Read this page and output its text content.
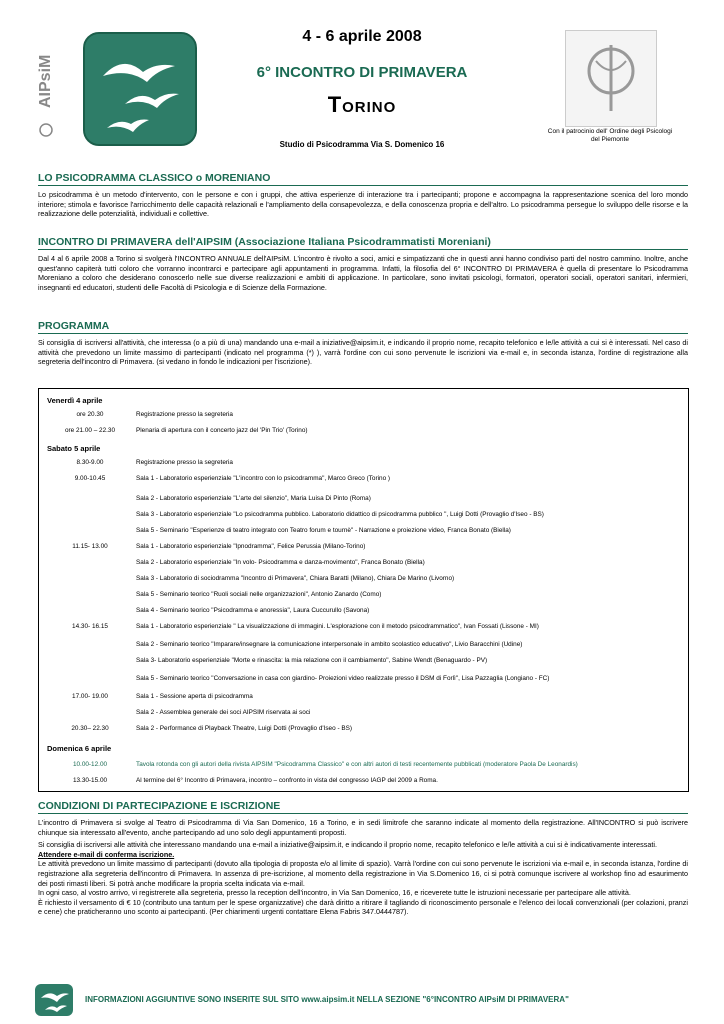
AIPsiM
4 - 6 aprile 2008
6° INCONTRO DI PRIMAVERA
Torino
Studio di Psicodramma Via S. Domenico 16
Con il patrocinio dell' Ordine degli Psicologi del Piemonte
LO PSICODRAMMA CLASSICO o MORENIANO

Lo psicodramma è un metodo d'intervento, con le persone e con i gruppi, che attiva esperienze di interazione tra i partecipanti; propone e accompagna la rappresentazione scenica del loro mondo interiore; stimola e favorisce l'arricchimento delle capacità relazionali e l'ampliamento della consapevolezza, e della conoscenza propria e dell'altro. Lo psicodramma persegue lo sviluppo delle risorse e la realizzazione delle potenzialità, individuali e collettive.

INCONTRO DI PRIMAVERA dell'AIPSIM (Associazione Italiana Psicodrammatisti Moreniani)

Dal 4 al 6 aprile 2008 a Torino si svolgerà l'INCONTRO ANNUALE dell'AIPsiM. L'incontro è rivolto a soci, amici e simpatizzanti che in questi anni hanno condiviso parti del nostro cammino. Inoltre, anche quest'anno capiterà tutti coloro che vorranno incontrarci e partecipare agli appuntamenti in programma. Infatti, la filosofia del 6° INCONTRO DI PRIMAVERA è quella di presentare lo Psicodramma Moreniano a coloro che desiderano conoscerlo nelle sue diverse realizzazioni e ambiti di applicazione. In particolare, sono invitati psicologi, formatori, operatori sociali, operatori sanitari, infermieri, insegnanti ed educatori, studenti delle Facoltà di Psicologia e di Scienze della Formazione.

PROGRAMMA

Si consiglia di iscriversi all'attività, che interessa (o a più di una) mandando una e-mail a iniziative@aipsim.it, e indicando il proprio nome, recapito telefonico e le/le attività a cui si è interessati. Nel caso di attività che prevedono un limite massimo di partecipanti (indicato nel programma (*) ), varrà l'ordine con cui sono pervenute le iscrizioni via e-mail e, in seconda istanza, l'ordine di registrazione alla segreteria dell'incontro di Primavera. (si vedano in fondo le indicazioni per l'iscrizione).

Venerdì 4 aprile
ore 20.30	Registrazione presso la segreteria
ore 21.00 – 22.30	Plenaria di apertura con il concerto jazz del 'Pin Trio' (Torino)
Sabato 5 aprile
8.30-9.00	Registrazione presso la segreteria
9.00-10.45	Sala 1 - Laboratorio esperienziale "L'incontro con lo psicodramma", Marco Greco (Torino )
Sala 2 - Laboratorio esperienziale "L'arte del silenzio", Maria Luisa Di Pinto (Roma)
Sala 3 - Laboratorio esperienziale "Lo psicodramma pubblico. Laboratorio didattico di psicodramma pubblico ", Luigi Dotti (Provaglio d'Iseo - BS)
Sala 5 - Seminario "Esperienze di teatro integrato con Teatro forum e tournè" - Narrazione e proiezione video, Franca Bonato (Biella)
11.15- 13.00	Sala 1 - Laboratorio esperienziale "Ipnodramma", Felice Perussia (Milano-Torino)
Sala 2 - Laboratorio esperienziale "In volo- Psicodramma e danza-movimento", Franca Bonato (Biella)
Sala 3 - Laboratorio di sociodramma "Incontro di Primavera", Chiara Baratti (Milano), Chiara De Marino (Livorno)
Sala 5 - Seminario teorico "Ruoli sociali nelle organizzazioni", Antonio Zanardo (Como)
Sala 4 - Seminario teorico "Psicodramma e anoressia", Laura Cuccurullo (Savona)
14.30- 16.15	Sala 1 - Laboratorio esperienziale " La visualizzazione di immagini. L'esplorazione con il metodo psicodrammatico", Ivan Fossati (Lissone - MI)
Sala 2 - Seminario teorico "Imparare/insegnare la comunicazione interpersonale in ambito scolastico educativo", Livio Baracchini (Udine)
Sala 3- Laboratorio esperienziale "Morte e rinascita: la mia relazione con il cambiamento", Sabine Wendt (Benaguardo - PV)
Sala 5 - Seminario teorico "Conversazione in casa con giardino- Proiezioni video realizzate presso il DSM di Forlì", Lisa Pazzaglia (Longiano - FC)
17.00- 19.00	Sala 1 - Sessione aperta di psicodramma
Sala 2 - Assemblea generale dei soci AIPSIM riservata ai soci
20.30– 22.30	Sala 2 - Performance di Playback Theatre, Luigi Dotti (Provaglio d'Iseo - BS)
Domenica 6 aprile
10.00-12.00	Tavola rotonda con gli autori della rivista AIPSIM "Psicodramma Classico" e con altri autori di testi recentemente pubblicati (moderatore Paola De Leonardis)
13.30-15.00	Al termine del 6° Incontro di Primavera, incontro – confronto in vista del congresso IAGP del 2009 a Roma.
CONDIZIONI DI PARTECIPAZIONE E ISCRIZIONE

L'incontro di Primavera si svolge al Teatro di Psicodramma di Via San Domenico, 16 a Torino, e in sedi limitrofe che saranno indicate al momento della registrazione. All'INCONTRO si può iscrivere chiunque sia interessato all'evento, anche partecipando ad uno solo degli appuntamenti proposti.

Si consiglia di iscriversi alle attività che interessano mandando una e-mail a iniziative@aipsim.it, e indicando il proprio nome, recapito telefonico e le/le attività a cui si è indicativamente interessati.

Attendere e-mail di conferma iscrizione.

Le attività prevedono un limite massimo di partecipanti (dovuto alla tipologia di proposta e/o al limite di spazio). Varrà l'ordine con cui sono pervenute le iscrizioni via e-mail e, in seconda istanza, l'ordine di registrazione alla segreteria dell'incontro di Primavera. In assenza di pre-iscrizione, al momento della registrazione in Via S.Domenico 16, ci si potrà comunque iscrivere al workshop fino ad esaurimento dei posti rimasti liberi. Si potrà anche modificare la propria scelta indicata via e-mail.

In ogni caso, al vostro arrivo, vi registrerete alla segreteria, presso la reception dell'incontro, in Via San Domenico, 16, e riceverete tutte le istruzioni necessarie per partecipare alle attività.

È richiesto il versamento di € 10 (contributo una tantum per le spese organizzative) che darà diritto a ritirare il tagliando di riconoscimento personale e l'elenco dei locali convenzionali (per colazioni, pranzi e cene) che praticheranno uno sconto ai partecipanti. (Per chiarimenti urgenti contattare Elena Fabris 347.0444787).

INFORMAZIONI AGGIUNTIVE SONO INSERITE SUL SITO www.aipsim.it NELLA SEZIONE "6°INCONTRO AIPsiM DI PRIMAVERA"
